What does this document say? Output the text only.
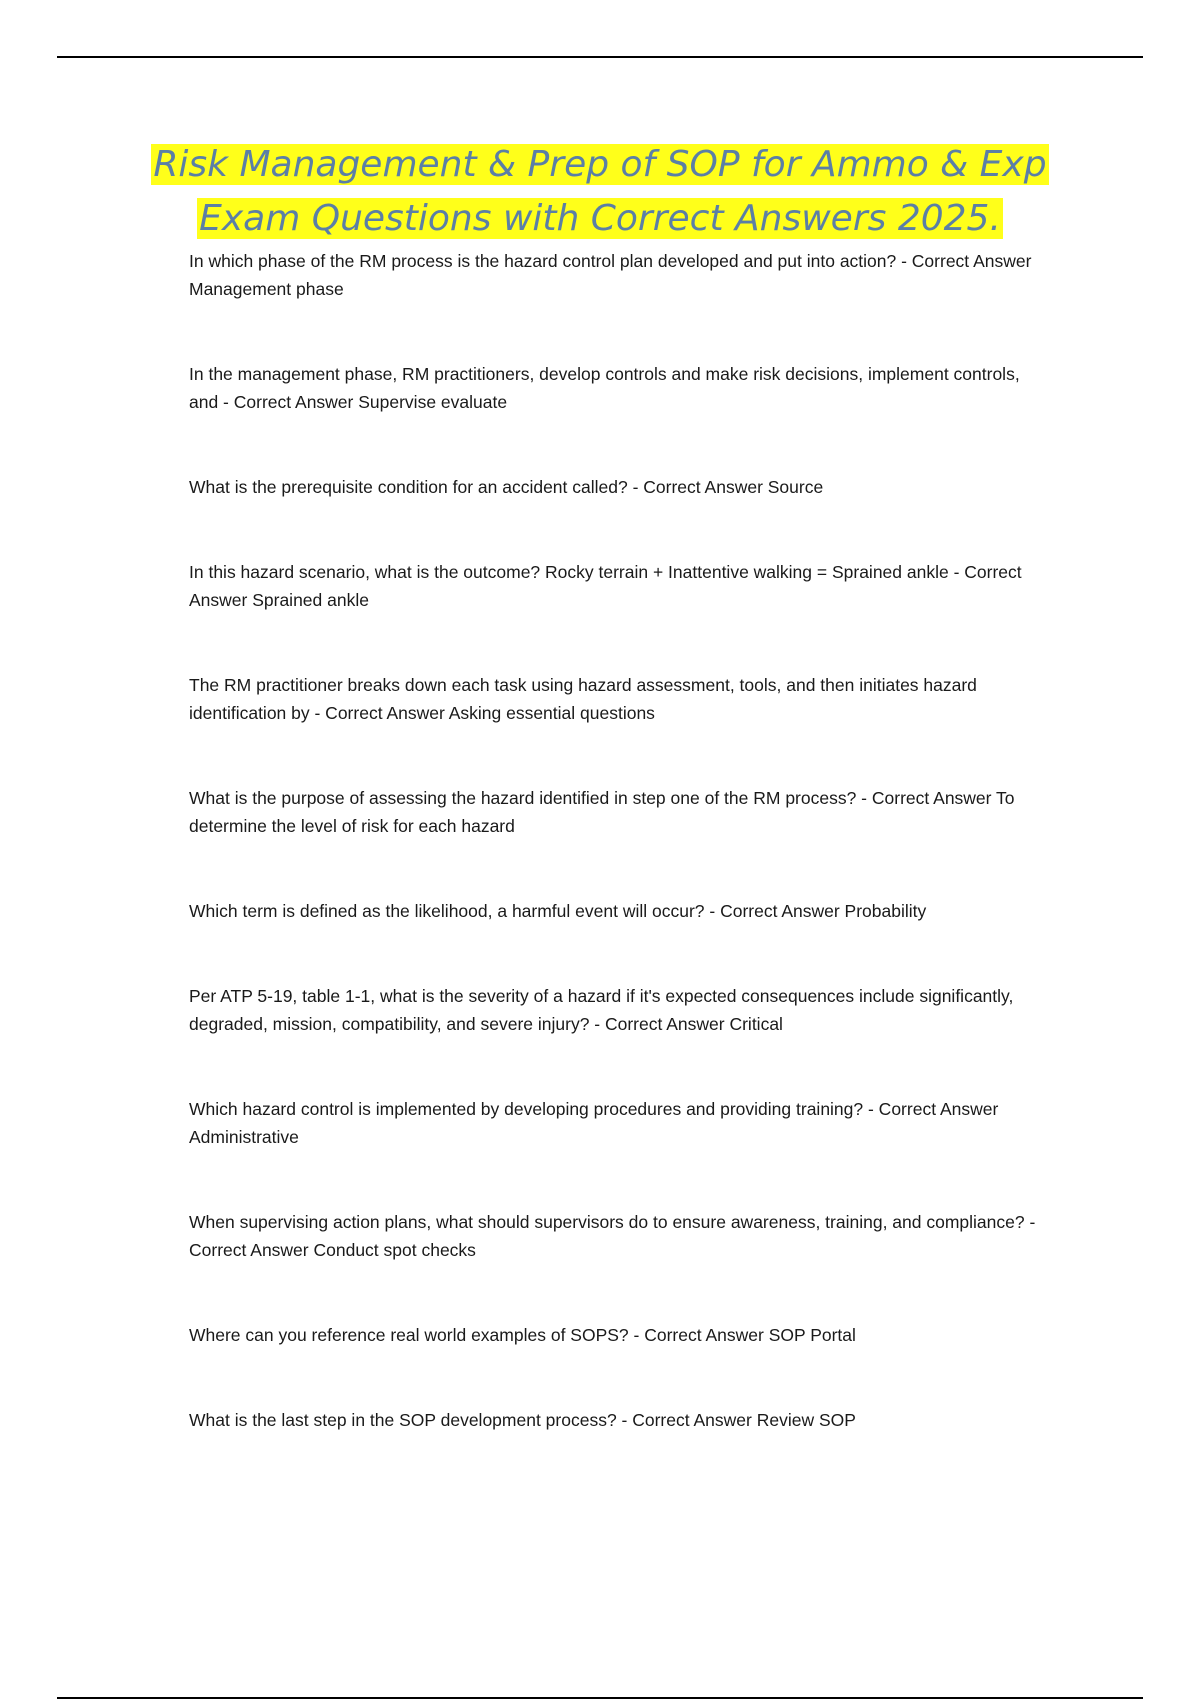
Risk Management & Prep of SOP for Ammo & Exp
Exam Questions with Correct Answers 2025.
In which phase of the RM process is the hazard control plan developed and put into action? - Correct Answer Management phase
In the management phase, RM practitioners, develop controls and make risk decisions, implement controls, and - Correct Answer Supervise evaluate
What is the prerequisite condition for an accident called? - Correct Answer Source
In this hazard scenario, what is the outcome? Rocky terrain + Inattentive walking = Sprained ankle - Correct Answer Sprained ankle
The RM practitioner breaks down each task using hazard assessment, tools, and then initiates hazard identification by - Correct Answer Asking essential questions
What is the purpose of assessing the hazard identified in step one of the RM process? - Correct Answer To determine the level of risk for each hazard
Which term is defined as the likelihood, a harmful event will occur? - Correct Answer Probability
Per ATP 5-19, table 1-1, what is the severity of a hazard if it's expected consequences include significantly, degraded, mission, compatibility, and severe injury? - Correct Answer Critical
Which hazard control is implemented by developing procedures and providing training? - Correct Answer Administrative
When supervising action plans, what should supervisors do to ensure awareness, training, and compliance? - Correct Answer Conduct spot checks
Where can you reference real world examples of SOPS? - Correct Answer SOP Portal
What is the last step in the SOP development process? - Correct Answer Review SOP
